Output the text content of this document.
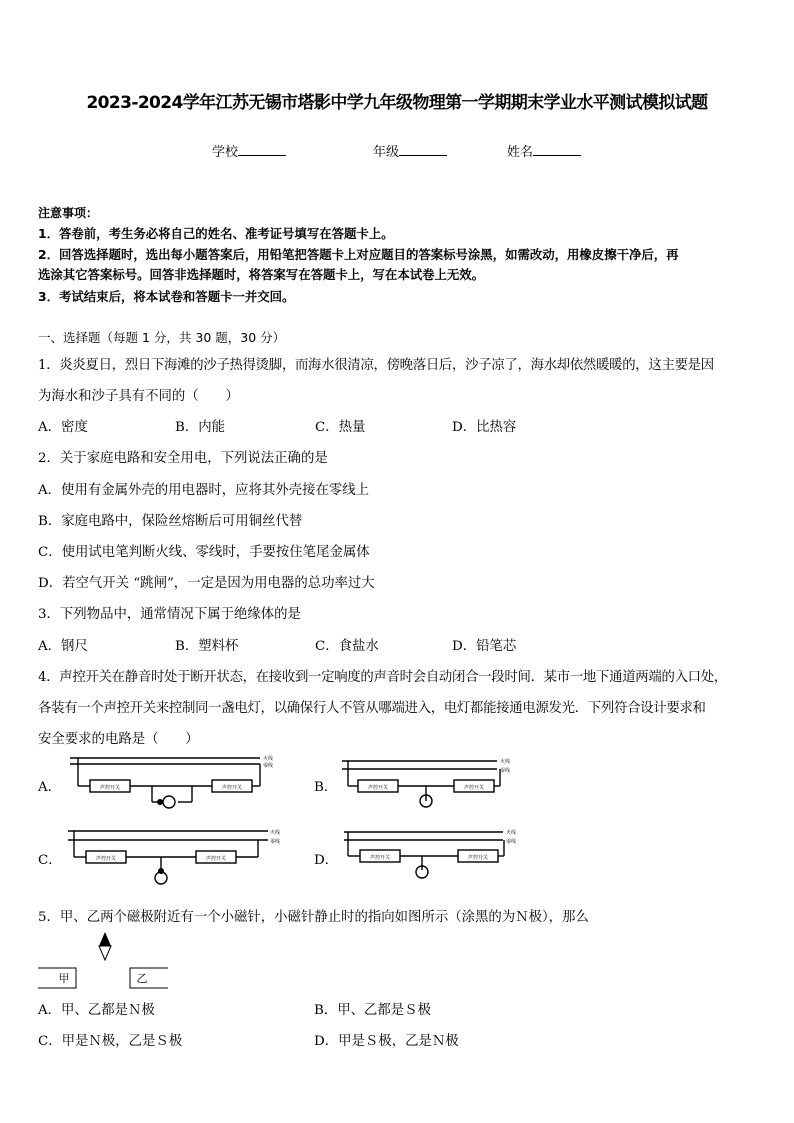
2023-2024学年江苏无锡市塔影中学九年级物理第一学期期末学业水平测试模拟试题
学校	年级	姓名
注意事项：
1．答卷前，考生务必将自己的姓名、准考证号填写在答题卡上。
2．回答选择题时，选出每小题答案后，用铅笔把答题卡上对应题目的答案标号涂黑，如需改动，用橡皮擦干净后，再
选涂其它答案标号。回答非选择题时，将答案写在答题卡上，写在本试卷上无效。
3．考试结束后，将本试卷和答题卡一并交回。
一、选择题（每题 1 分，共 30 题，30 分）
1．炎炎夏日，烈日下海滩的沙子热得烫脚，而海水很清凉，傍晚落日后，沙子凉了，海水却依然暖暖的，这主要是因
为海水和沙子具有不同的（　　）
A．密度	B．内能	C．热量	D．比热容
2．关于家庭电路和安全用电，下列说法正确的是
A．使用有金属外壳的用电器时，应将其外壳接在零线上
B．家庭电路中，保险丝熔断后可用铜丝代替
C．使用试电笔判断火线、零线时，手要按住笔尾金属体
D．若空气开关 “跳闸”，一定是因为用电器的总功率过大
3．下列物品中，通常情况下属于绝缘体的是
A．钢尺	B．塑料杯	C．食盐水	D．铅笔芯
4．声控开关在静音时处于断开状态，在接收到一定响度的声音时会自动闭合一段时间．某市一地下通道两端的入口处，
各装有一个声控开关来控制同一盏电灯，以确保行人不管从哪端进入，电灯都能接通电源发光．下列符合设计要求和
安全要求的电路是（　　）
A．	B．
C．	D．
声控开关	声控开关
火线
零线
声控开关	声控开关
火线
零线
声控开关	声控开关
火线
零线
声控开关	声控开关
火线
零线
5．甲、乙两个磁极附近有一个小磁针，小磁针静止时的指向如图所示（涂黑的为Ｎ极），那么
甲	乙
A．甲、乙都是Ｎ极	B．甲、乙都是Ｓ极
C．甲是Ｎ极，乙是Ｓ极	D．甲是Ｓ极，乙是Ｎ极
